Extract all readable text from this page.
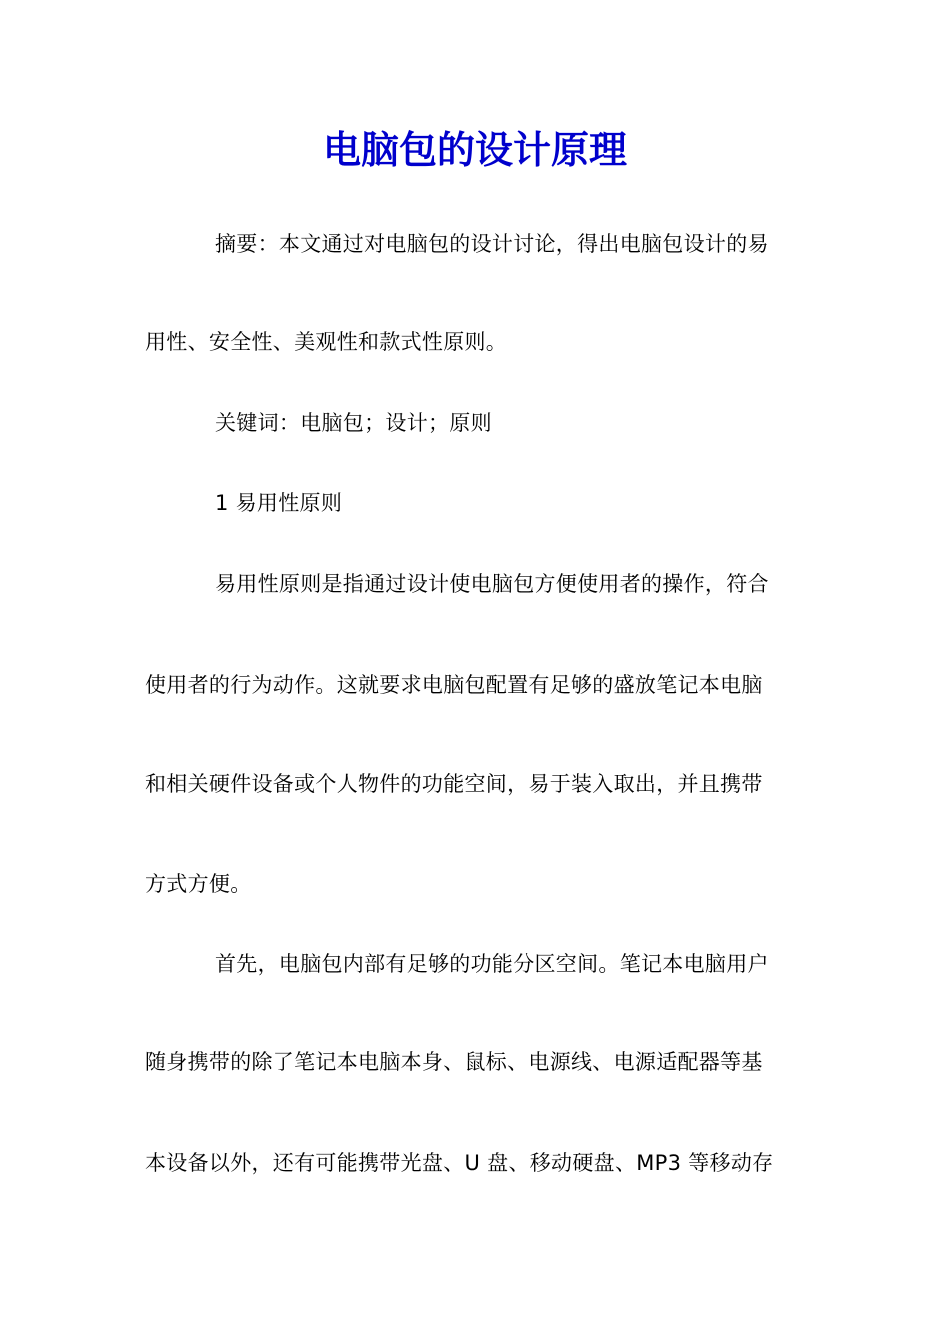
电脑包的设计原理

摘要：本文通过对电脑包的设计讨论，得出电脑包设计的易

用性、安全性、美观性和款式性原则。

关键词：电脑包；设计；原则

1 易用性原则

易用性原则是指通过设计使电脑包方便使用者的操作，符合

使用者的行为动作。这就要求电脑包配置有足够的盛放笔记本电脑

和相关硬件设备或个人物件的功能空间，易于装入取出，并且携带

方式方便。

首先，电脑包内部有足够的功能分区空间。笔记本电脑用户

随身携带的除了笔记本电脑本身、鼠标、电源线、电源适配器等基

本设备以外，还有可能携带光盘、U 盘、移动硬盘、MP3 等移动存
